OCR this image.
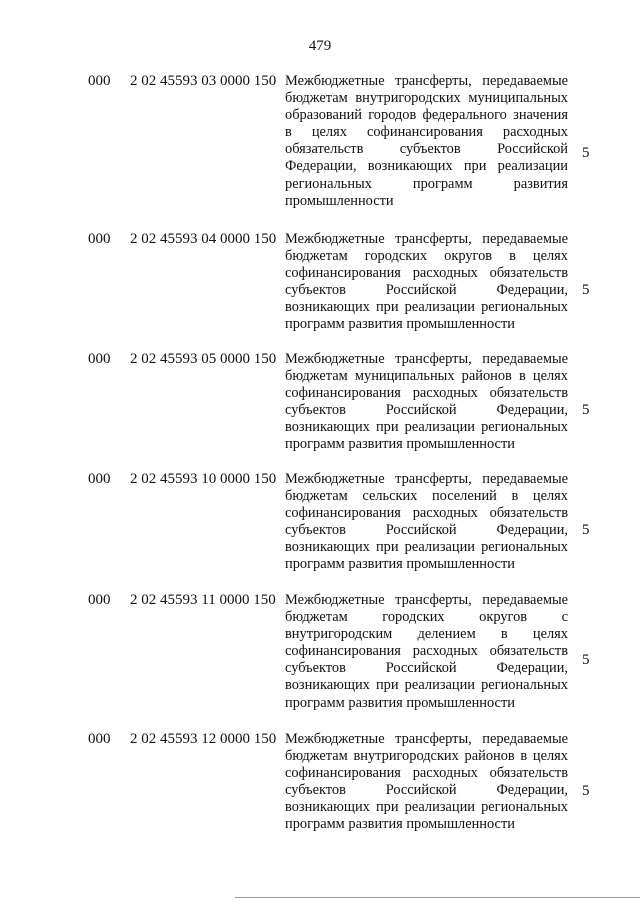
479
000 2 02 45593 03 0000 150 Межбюджетные трансферты, передаваемые бюджетам внутригородских муниципальных образований городов федерального значения в целях софинансирования расходных обязательств субъектов Российской Федерации, возникающих при реализации региональных программ развития промышленности
5
000 2 02 45593 04 0000 150 Межбюджетные трансферты, передаваемые бюджетам городских округов в целях софинансирования расходных обязательств субъектов Российской Федерации, возникающих при реализации региональных программ развития промышленности
5
000 2 02 45593 05 0000 150 Межбюджетные трансферты, передаваемые бюджетам муниципальных районов в целях софинансирования расходных обязательств субъектов Российской Федерации, возникающих при реализации региональных программ развития промышленности
5
000 2 02 45593 10 0000 150 Межбюджетные трансферты, передаваемые бюджетам сельских поселений в целях софинансирования расходных обязательств субъектов Российской Федерации, возникающих при реализации региональных программ развития промышленности
5
000 2 02 45593 11 0000 150 Межбюджетные трансферты, передаваемые бюджетам городских округов с внутригородским делением в целях софинансирования расходных обязательств субъектов Российской Федерации, возникающих при реализации региональных программ развития промышленности
5
000 2 02 45593 12 0000 150 Межбюджетные трансферты, передаваемые бюджетам внутригородских районов в целях софинансирования расходных обязательств субъектов Российской Федерации, возникающих при реализации региональных программ развития промышленности
5
